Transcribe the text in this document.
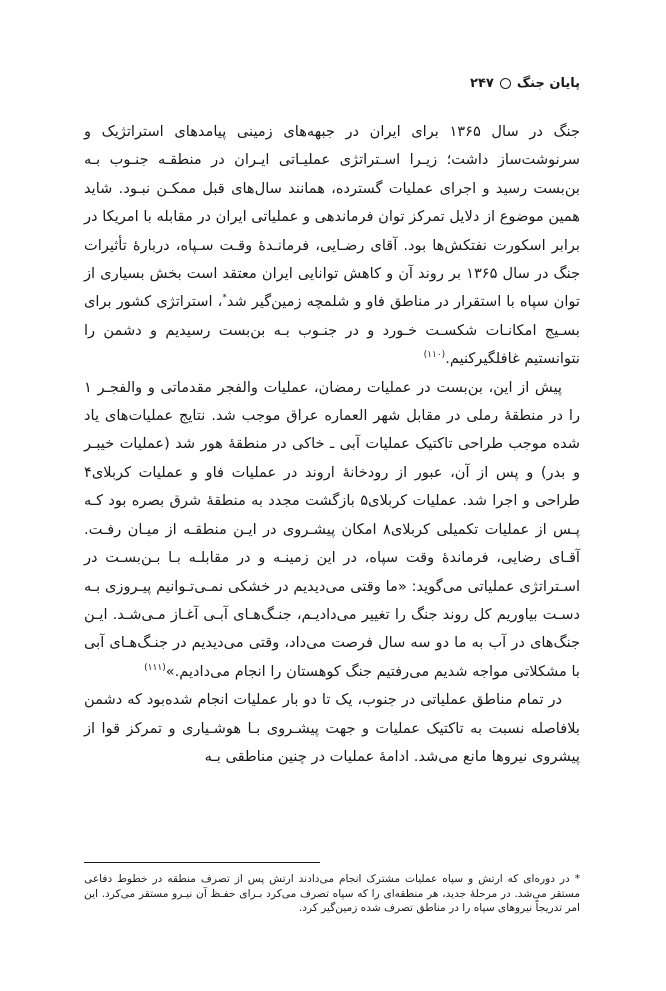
پایان جنگ
۲۴۷

جنگ در سال ۱۳۶۵ برای ایران در جبهه‌های زمینی پیامدهای استراتژیک و سرنوشت‌ساز داشت؛ زیـرا اسـتراتژی عملیـاتی ایـران در منطقـه جنـوب بـه بن‌بست رسید و اجرای عملیات گسترده، همانند سال‌های قبل ممکـن نبـود. شاید همین موضوع از دلایل تمرکز توان فرماندهی و عملیاتی ایران در مقابله با امریکا در برابر اسکورت نفتکش‌ها بود. آقای رضـایی، فرمانـدهٔ وقـت سـپاه، دربارهٔ تأثیرات جنگ در سال ۱۳۶۵ بر روند آن و کاهش توانایی ایران معتقد است بخش بسیاری از توان سپاه با استقرار در مناطق فاو و شلمچه زمین‌گیر شد*، استراتژی کشور برای بسـیج امکانـات شکسـت خـورد و در جنـوب بـه بن‌بست رسیدیم و دشمن را نتوانستیم غافلگیرکنیم.$^{(۱۱۰)}$

پیش از این، بن‌بست در عملیات رمضان، عملیات والفجر مقدماتی و والفجـر ۱ را در منطقهٔ رملی در مقابل شهر العماره عراق موجب شد. نتایج عملیات‌های یاد شده موجب طراحی تاکتیک عملیات آبی ـ خاکی در منطقهٔ هور شد (عملیات خیبـر و بدر) و پس از آن، عبور از رودخانهٔ اروند در عملیات فاو و عملیات کربلای۴ طراحی و اجرا شد. عملیات کربلای۵ بازگشت مجدد به منطقهٔ شرق بصره بود کـه پـس از عملیات تکمیلی کربلای۸ امکان پیشـروی در ایـن منطقـه از میـان رفـت. آقـای رضایی، فرماندهٔ وقت سپاه، در این زمینـه و در مقابلـه بـا بـن‌بسـت در اسـتراتژی عملیاتی می‌گوید: «ما وقتی می‌دیدیم در خشکی نمـی‌تـوانیم پیـروزی بـه دسـت بیاوریم کل روند جنگ را تغییر می‌دادیـم، جنـگ‌هـای آبـی آغـاز مـی‌شـد. ایـن جنگ‌های در آب به ما دو سه سال فرصت می‌داد، وقتی می‌دیدیم در جنـگ‌هـای آبی با مشکلاتی مواجه شدیم می‌رفتیم جنگ کوهستان را انجام می‌دادیم.»$^{(۱۱۱)}$

در تمام مناطق عملیاتی در جنوب، یک تا دو بار عملیات انجام شده‌بود که دشمن بلافاصله نسبت به تاکتیک عملیات و جهت پیشـروی بـا هوشـیاری و تمرکز قوا از پیشروی نیروها مانع می‌شد. ادامهٔ عملیات در چنین مناطقی بـه

* در دوره‌ای که ارتش و سپاه عملیات مشترک انجام می‌دادند ارتش پس از تصرف منطقه در خطوط دفاعی مستقر می‌شد. در مرحلهٔ جدید، هر منطقه‌ای را که سپاه تصرف می‌کرد بـرای حفـظ آن نیـرو مستقر می‌کرد. این امر تدریجاً نیروهای سپاه را در مناطق تصرف شده زمین‌گیر کرد.
